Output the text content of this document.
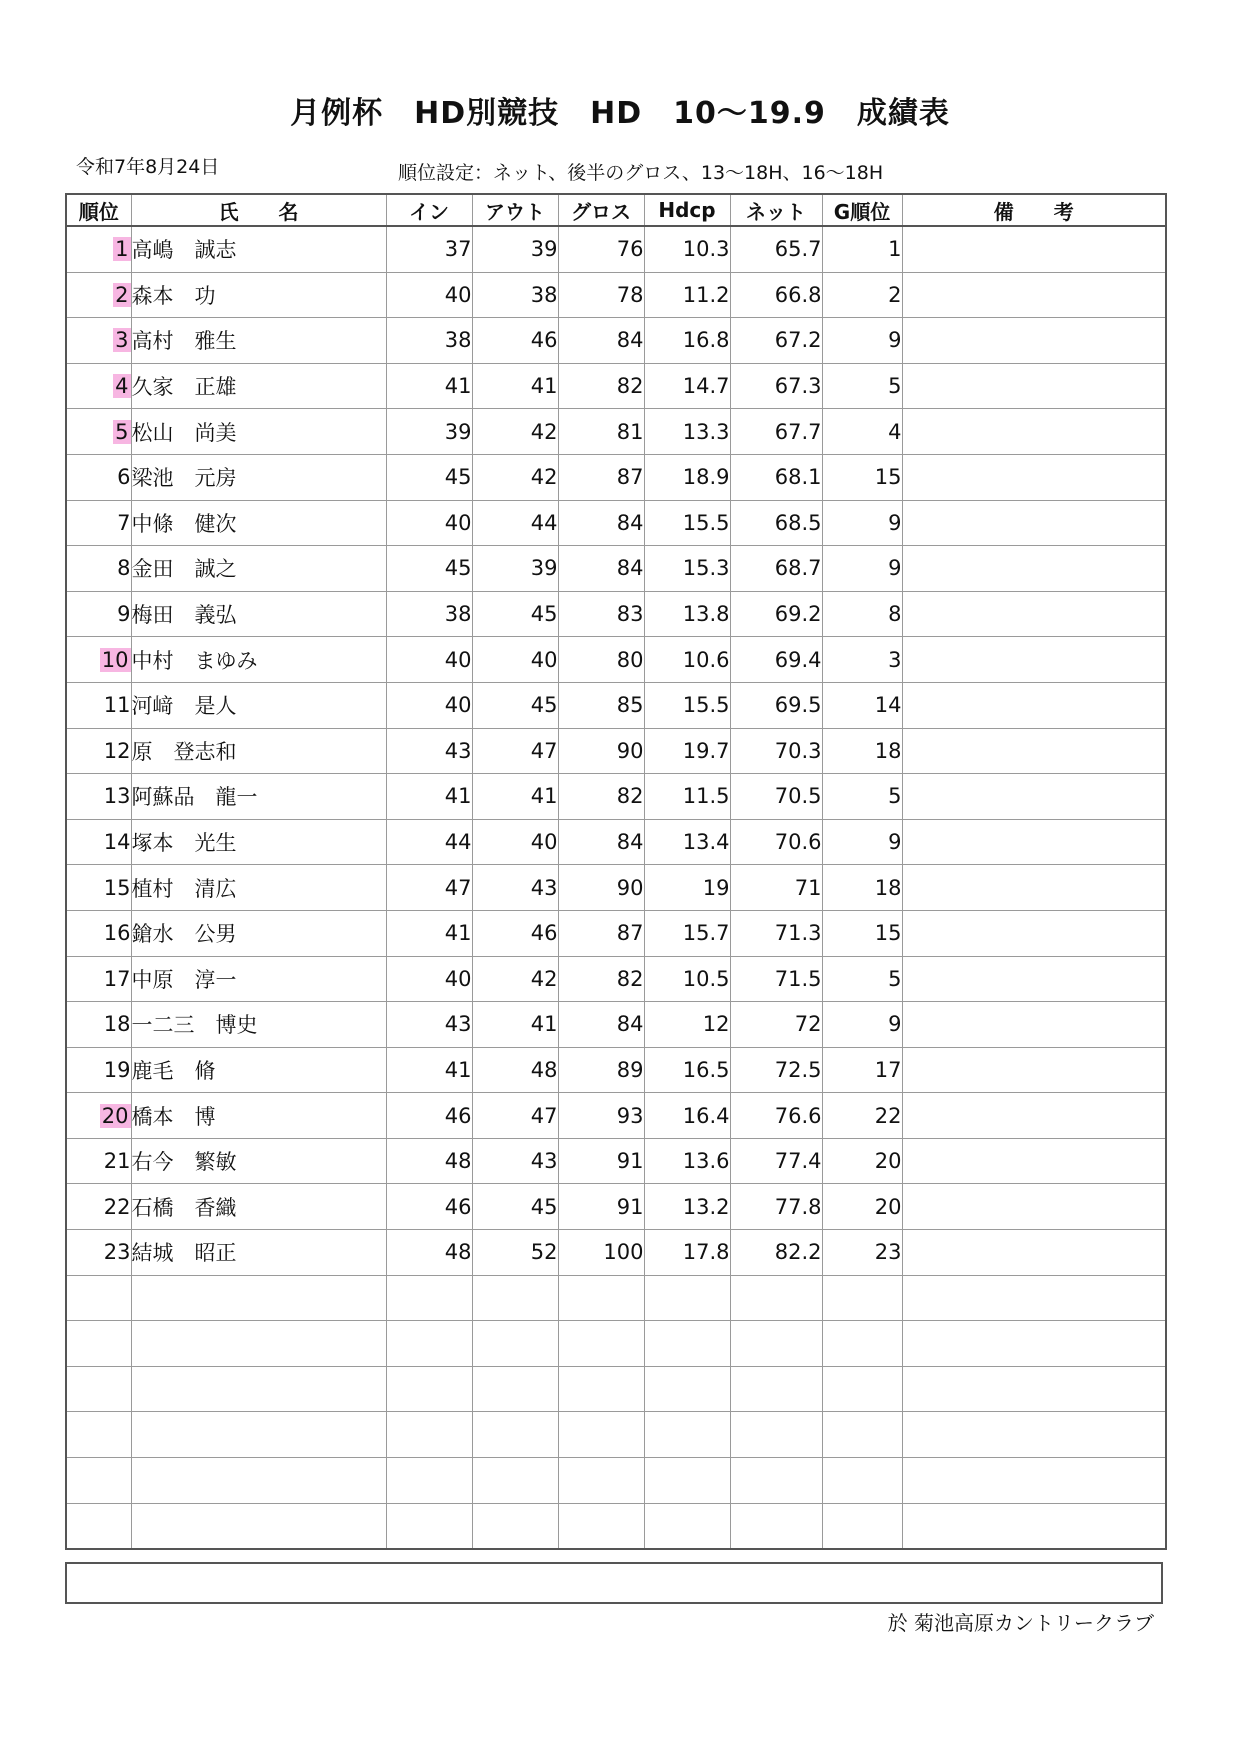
月例杯　HD別競技　HD　10～19.9　成績表
令和7年8月24日	順位設定：ネット、後半のグロス、13～18H、16～18H
順位	氏　　名	イン	アウト	グロス	Hdcp	ネット	G順位	備　　考
1	高嶋　誠志	37	39	76	10.3	65.7	1	
2	森本　功	40	38	78	11.2	66.8	2	
3	高村　雅生	38	46	84	16.8	67.2	9	
4	久家　正雄	41	41	82	14.7	67.3	5	
5	松山　尚美	39	42	81	13.3	67.7	4	
6	梁池　元房	45	42	87	18.9	68.1	15	
7	中條　健次	40	44	84	15.5	68.5	9	
8	金田　誠之	45	39	84	15.3	68.7	9	
9	梅田　義弘	38	45	83	13.8	69.2	8	
10	中村　まゆみ	40	40	80	10.6	69.4	3	
11	河﨑　是人	40	45	85	15.5	69.5	14	
12	原　登志和	43	47	90	19.7	70.3	18	
13	阿蘇品　龍一	41	41	82	11.5	70.5	5	
14	塚本　光生	44	40	84	13.4	70.6	9	
15	植村　清広	47	43	90	19	71	18	
16	鎗水　公男	41	46	87	15.7	71.3	15	
17	中原　淳一	40	42	82	10.5	71.5	5	
18	一二三　博史	43	41	84	12	72	9	
19	鹿毛　脩	41	48	89	16.5	72.5	17	
20	橋本　博	46	47	93	16.4	76.6	22	
21	右今　繁敏	48	43	91	13.6	77.4	20	
22	石橋　香織	46	45	91	13.2	77.8	20	
23	結城　昭正	48	52	100	17.8	82.2	23	

於 菊池高原カントリークラブ
